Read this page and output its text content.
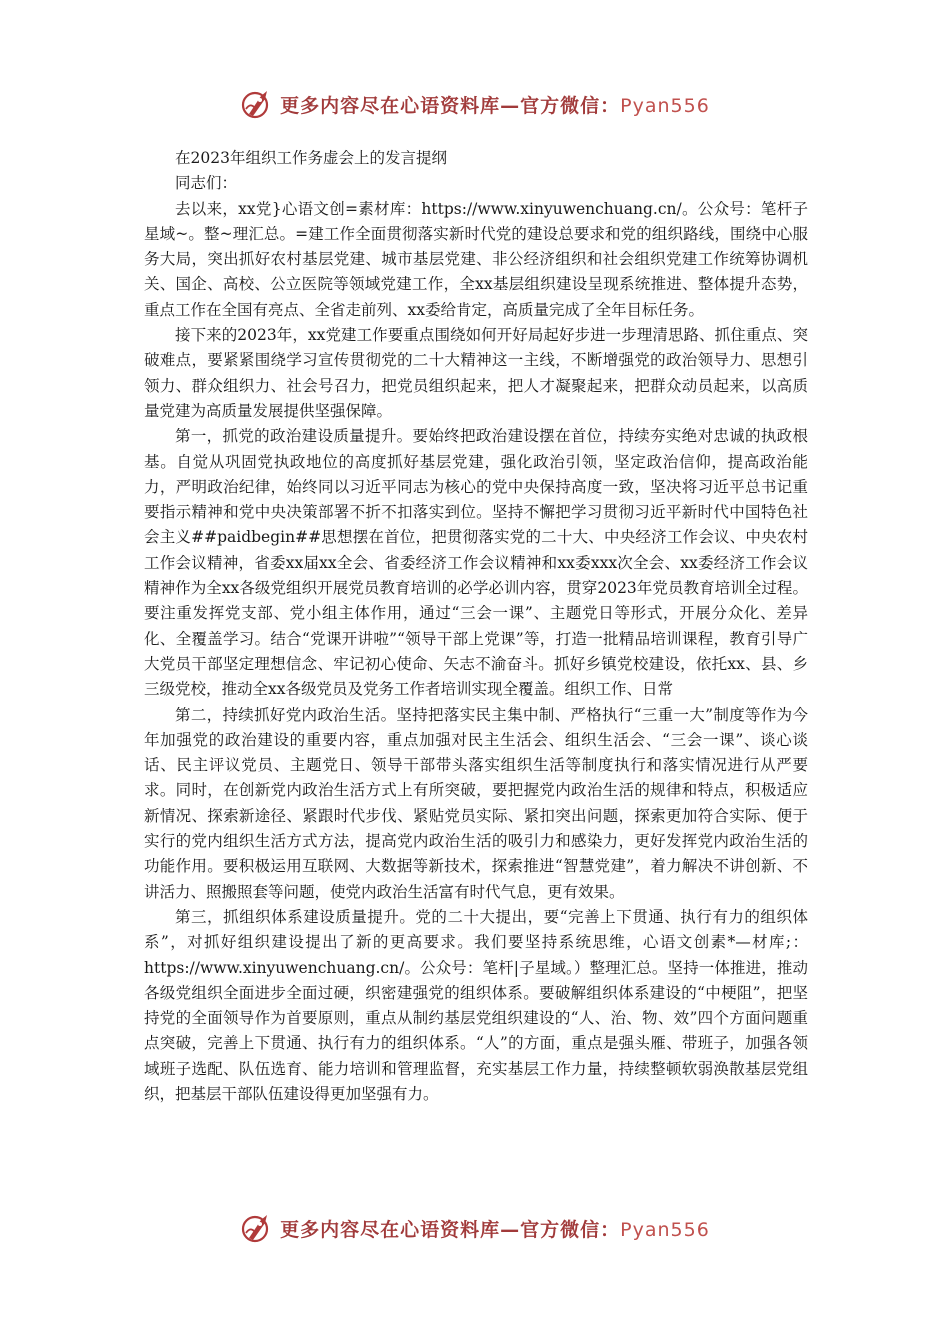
更多内容尽在心语资料库—官方微信：Pyan556

在2023年组织工作务虚会上的发言提纲

同志们：

去以来，xx党}心语文创=素材库：https://www.xinyuwenchuang.cn/。公众号：笔杆子星域~。整~理汇总。=建工作全面贯彻落实新时代党的建设总要求和党的组织路线，围绕中心服务大局，突出抓好农村基层党建、城市基层党建、非公经济组织和社会组织党建工作统筹协调机关、国企、高校、公立医院等领域党建工作，全xx基层组织建设呈现系统推进、整体提升态势，重点工作在全国有亮点、全省走前列、xx委给肯定，高质量完成了全年目标任务。

接下来的2023年，xx党建工作要重点围绕如何开好局起好步进一步理清思路、抓住重点、突破难点，要紧紧围绕学习宣传贯彻党的二十大精神这一主线，不断增强党的政治领导力、思想引领力、群众组织力、社会号召力，把党员组织起来，把人才凝聚起来，把群众动员起来，以高质量党建为高质量发展提供坚强保障。

第一，抓党的政治建设质量提升。要始终把政治建设摆在首位，持续夯实绝对忠诚的执政根基。自觉从巩固党执政地位的高度抓好基层党建，强化政治引领，坚定政治信仰，提高政治能力，严明政治纪律，始终同以习近平同志为核心的党中央保持高度一致，坚决将习近平总书记重要指示精神和党中央决策部署不折不扣落实到位。坚持不懈把学习贯彻习近平新时代中国特色社会主义##paidbegin##思想摆在首位，把贯彻落实党的二十大、中央经济工作会议、中央农村工作会议精神，省委xx届xx全会、省委经济工作会议精神和xx委xxx次全会、xx委经济工作会议精神作为全xx各级党组织开展党员教育培训的必学必训内容，贯穿2023年党员教育培训全过程。要注重发挥党支部、党小组主体作用，通过“三会一课”、主题党日等形式，开展分众化、差异化、全覆盖学习。结合“党课开讲啦”“领导干部上党课”等，打造一批精品培训课程，教育引导广大党员干部坚定理想信念、牢记初心使命、矢志不渝奋斗。抓好乡镇党校建设，依托xx、县、乡三级党校，推动全xx各级党员及党务工作者培训实现全覆盖。组织工作、日常

第二，持续抓好党内政治生活。坚持把落实民主集中制、严格执行“三重一大”制度等作为今年加强党的政治建设的重要内容，重点加强对民主生活会、组织生活会、“三会一课”、谈心谈话、民主评议党员、主题党日、领导干部带头落实组织生活等制度执行和落实情况进行从严要求。同时，在创新党内政治生活方式上有所突破，要把握党内政治生活的规律和特点，积极适应新情况、探索新途径、紧跟时代步伐、紧贴党员实际、紧扣突出问题，探索更加符合实际、便于实行的党内组织生活方式方法，提高党内政治生活的吸引力和感染力，更好发挥党内政治生活的功能作用。要积极运用互联网、大数据等新技术，探索推进“智慧党建”，着力解决不讲创新、不讲活力、照搬照套等问题，使党内政治生活富有时代气息，更有效果。

第三，抓组织体系建设质量提升。党的二十大提出，要“完善上下贯通、执行有力的组织体系”，对抓好组织建设提出了新的更高要求。我们要坚持系统思维，心语文创素*—材库;：https://www.xinyuwenchuang.cn/。公众号：笔杆|子星域。）整理汇总。坚持一体推进，推动各级党组织全面进步全面过硬，织密建强党的组织体系。要破解组织体系建设的“中梗阻”，把坚持党的全面领导作为首要原则，重点从制约基层党组织建设的“人、治、物、效”四个方面问题重点突破，完善上下贯通、执行有力的组织体系。“人”的方面，重点是强头雁、带班子，加强各领域班子选配、队伍选育、能力培训和管理监督，充实基层工作力量，持续整顿软弱涣散基层党组织，把基层干部队伍建设得更加坚强有力。

更多内容尽在心语资料库—官方微信：Pyan556
